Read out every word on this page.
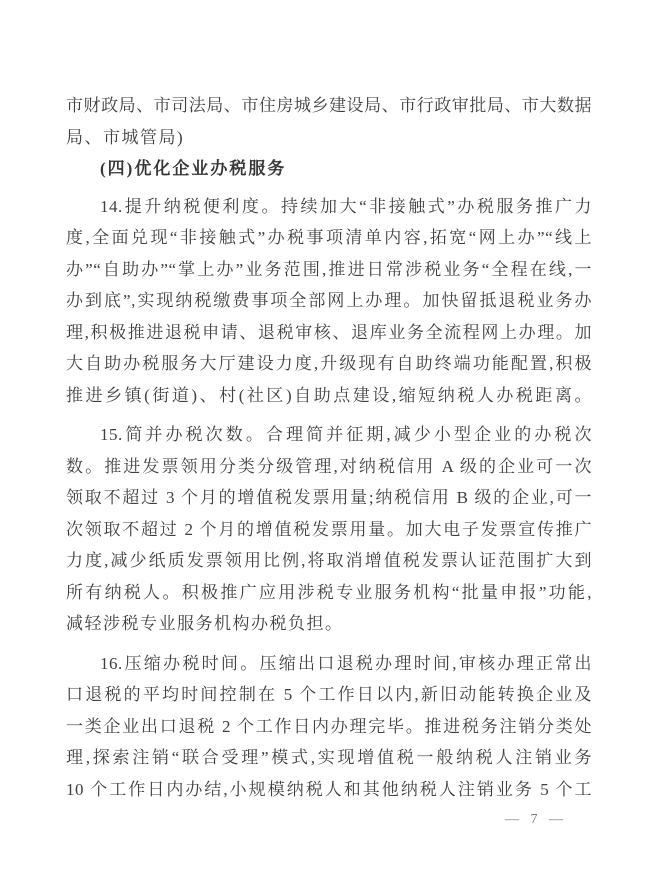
市财政局、市司法局、市住房城乡建设局、市行政审批局、市大数据
局、市城管局)
(四)优化企业办税服务
14.提升纳税便利度。持续加大“非接触式”办税服务推广力
度,全面兑现“非接触式”办税事项清单内容,拓宽“网上办”“线上
办”“自助办”“掌上办”业务范围,推进日常涉税业务“全程在线,一
办到底”,实现纳税缴费事项全部网上办理。加快留抵退税业务办
理,积极推进退税申请、退税审核、退库业务全流程网上办理。加
大自助办税服务大厅建设力度,升级现有自助终端功能配置,积极
推进乡镇(街道)、村(社区)自助点建设,缩短纳税人办税距离。
15.简并办税次数。合理简并征期,减少小型企业的办税次
数。推进发票领用分类分级管理,对纳税信用 A 级的企业可一次
领取不超过 3 个月的增值税发票用量;纳税信用 B 级的企业,可一
次领取不超过 2 个月的增值税发票用量。加大电子发票宣传推广
力度,减少纸质发票领用比例,将取消增值税发票认证范围扩大到
所有纳税人。积极推广应用涉税专业服务机构“批量申报”功能,
减轻涉税专业服务机构办税负担。
16.压缩办税时间。压缩出口退税办理时间,审核办理正常出
口退税的平均时间控制在 5 个工作日以内,新旧动能转换企业及
一类企业出口退税 2 个工作日内办理完毕。推进税务注销分类处
理,探索注销“联合受理”模式,实现增值税一般纳税人注销业务
10 个工作日内办结,小规模纳税人和其他纳税人注销业务 5 个工
— 7 —
